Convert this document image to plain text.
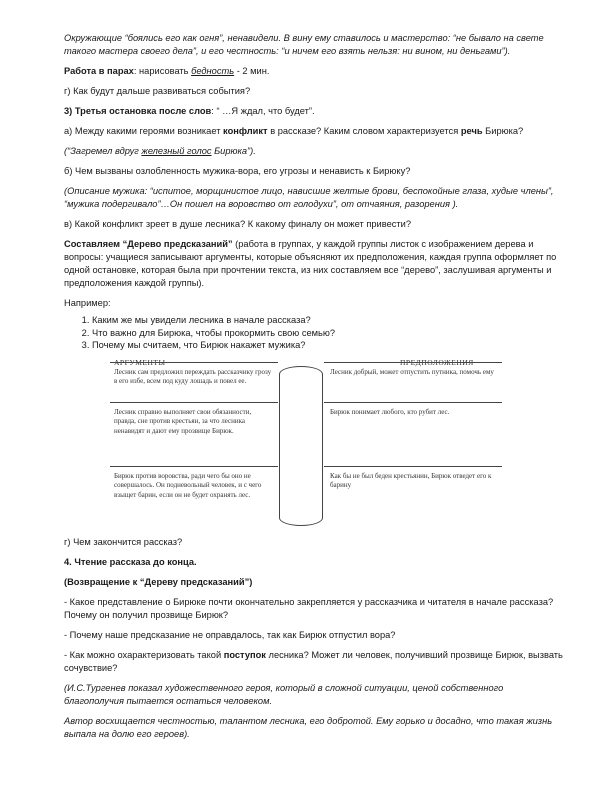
Окружающие “боялись его как огня”, ненавидели. В вину ему ставилось и мастерство: “не бывало на свете такого мастера своего дела”, и его честность: “и ничем его взять нельзя: ни вином, ни деньгами”).

Работа в парах: нарисовать бедность - 2 мин.

г) Как будут дальше развиваться события?

3) Третья остановка после слов: “ …Я ждал, что будет”.

а) Между какими героями возникает конфликт в рассказе? Каким словом характеризуется речь Бирюка?

(“Загремел вдруг железный голос Бирюка”).

б) Чем вызваны озлобленность мужика-вора, его угрозы и ненависть к Бирюку?

(Описание мужика: “испитое, морщинистое лицо, нависшие желтые брови, беспокойные глаза, худые члены”, “мужика подергивало”…Он пошел на воровство от голодухи”, от отчаяния, разорения ).

в) Какой конфликт зреет в душе лесника? К какому финалу он может привести?

Составляем “Дерево предсказаний” (работа в группах, у каждой группы листок с изображением дерева и вопросы: учащиеся записывают аргументы, которые объясняют их предположения, каждая группа оформляет по одной остановке, которая была при прочтении текста, из них составляем все “дерево”, заслушивая аргументы и предположения каждой группы).

Например:

1. Каким же мы увидели лесника в начале рассказа?
2. Что важно для Бирюка, чтобы прокормить свою семью?
3. Почему мы считаем, что Бирюк накажет мужика?
АРГУМЕНТЫ	ПРЕДПОЛОЖЕНИЯ
Лесник сам предложил переждать рассказчику грозу в его избе, всем под куду лошадь и повел ее.
Лесник справно выполняет свои обязанности, правда, сне против крестьян, за что лесника ненавидят и дают ему прозвище Бирюк.
Бирюк против воровства, ради чего бы оно не совершалось. Он подневольный человек, и с чего взыщет барин, если он не будет охранять лес.
Лесник добрый, может отпустить путника, помочь ему
Бирюк понимает любого, кто рубит лес.
Как бы не был беден крестьянин, Бирюк отведет его к барину

г) Чем закончится рассказ?

4. Чтение рассказа до конца.

(Возвращение к “Дереву предсказаний”)

- Какое представление о Бирюке почти окончательно закрепляется у рассказчика и читателя в начале рассказа? Почему он получил прозвище Бирюк?

- Почему наше предсказание не оправдалось, так как Бирюк отпустил вора?

- Как можно охарактеризовать такой поступок лесника? Может ли человек, получивший прозвище Бирюк, вызвать сочувствие?

(И.С.Тургенев показал художественного героя, который в сложной ситуации, ценой собственного благополучия пытается остаться человеком.

Автор восхищается честностью, талантом лесника, его добротой. Ему горько и досадно, что такая жизнь выпала на долю его героев).
